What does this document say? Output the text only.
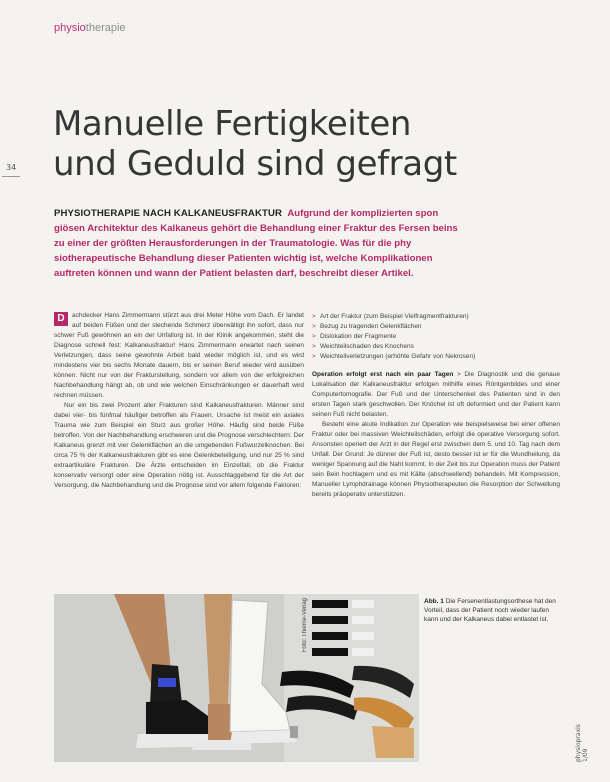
physiotherapie
34
Manuelle Fertigkeiten
und Geduld sind gefragt

PHYSIOTHERAPIE NACH KALKANEUSFRAKTUR Aufgrund der komplizierten spon giösen Architektur des Kalkaneus gehört die Behandlung einer Fraktur des Fersen beins zu einer der größten Herausforderungen in der Traumatologie. Was für die phy siotherapeutische Behandlung dieser Patienten wichtig ist, welche Komplikationen auftreten können und wann der Patient belasten darf, beschreibt dieser Artikel.

D	achdecker Hans Zimmermann stürzt aus drei Meter Höhe vom Dach. Er landet auf beiden Füßen und der stechende Schmerz überwältigt ihn sofort, dass nur schwer Fuß gewöhnen an ein der Unfallorg ist. In der Klinik angekommen, steht die Diagnose schnell fest: Kalkaneusfraktur! Hans Zimmermann erwartet nach seinen Verletzungen, dass seine gewohnte Arbeit bald wieder möglich ist, und es wird mindestens vier bis sechs Monate dauern, bis er seinen Beruf wieder wird ausüben können. Nicht nur von der Frakturstellung, sondern vor allem von der erfolgreichen Nachbehandlung hängt ab, ob und wie welchen Einschränkungen er dauerhaft wird rechnen müssen.

Nur ein bis zwei Prozent aller Frakturen sind Kalkaneusfrakturen. Männer sind dabei vier- bis fünfmal häufiger betroffen als Frauen. Ursache ist meist ein axiales Trauma wie zum Beispiel ein Sturz aus großer Höhe. Häufig sind beide Füße betroffen. Von der Nachbehandlung erschweren und die Prognose verschlechtern: Der Kalkaneus grenzt mit vier Gelenkflächen an die umgebenden Fußwurzelknochen. Bei circa 75 % der Kalkaneusfrakturen gibt es eine Gelenkbeteiligung, und nur 25 % sind extraartikuläre Frakturen. Die Ärzte entscheiden im Einzelfall, ob die Fraktur konservativ versorgt oder eine Operation nötig ist. Ausschlaggebend für die Art der Versorgung, die Nachbehandlung und die Prognose sind vor allem folgende Faktoren:

> Art der Fraktur (zum Beispiel Vielfragmentfrakturen)
> Bezug zu tragenden Gelenkflächen
> Dislokation der Fragmente
> Weichteilschaden des Knochens
> Weichteilverletzungen (erhöhte Gefahr von Nekrosen)

Operation erfolgt erst nach ein paar Tagen > Die Diagnostik und die genaue Lokalisation der Kalkaneusfraktur erfolgen mithilfe eines Röntgenbildes und einer Computertomografie. Der Fuß und der Unterschenkel des Patienten sind in den ersten Tagen stark geschwollen. Der Knöchel ist oft deformiert und der Patient kann seinen Fuß nicht belasten.

Besteht eine akute Indikation zur Operation wie beispielsweise bei einer offenen Fraktur oder bei massiven Weichteilschäden, erfolgt die operative Versorgung sofort. Ansonsten operiert der Arzt in der Regel erst zwischen dem 5. und 10. Tag nach dem Unfall. Der Grund: Je dünner der Fuß ist, desto besser ist er für die Wundheilung, da weniger Spannung auf die Naht kommt. In der Zeit bis zur Operation muss der Patient sein Bein hochlagern und es mit Kälte (abschwellend) behandeln. Mit Kompression, Manueller Lymphdrainage können Physiotherapeuten die Resorption der Schwellung bereits präoperativ unterstützen.

Foto: Thieme-Verlag	Abb. 1 Die Fersenentlastungsorthese hat den Vorteil, dass der Patient noch wieder laufen kann und der Kalkaneus dabei entlastet ist.
physiopraxis 1/09
